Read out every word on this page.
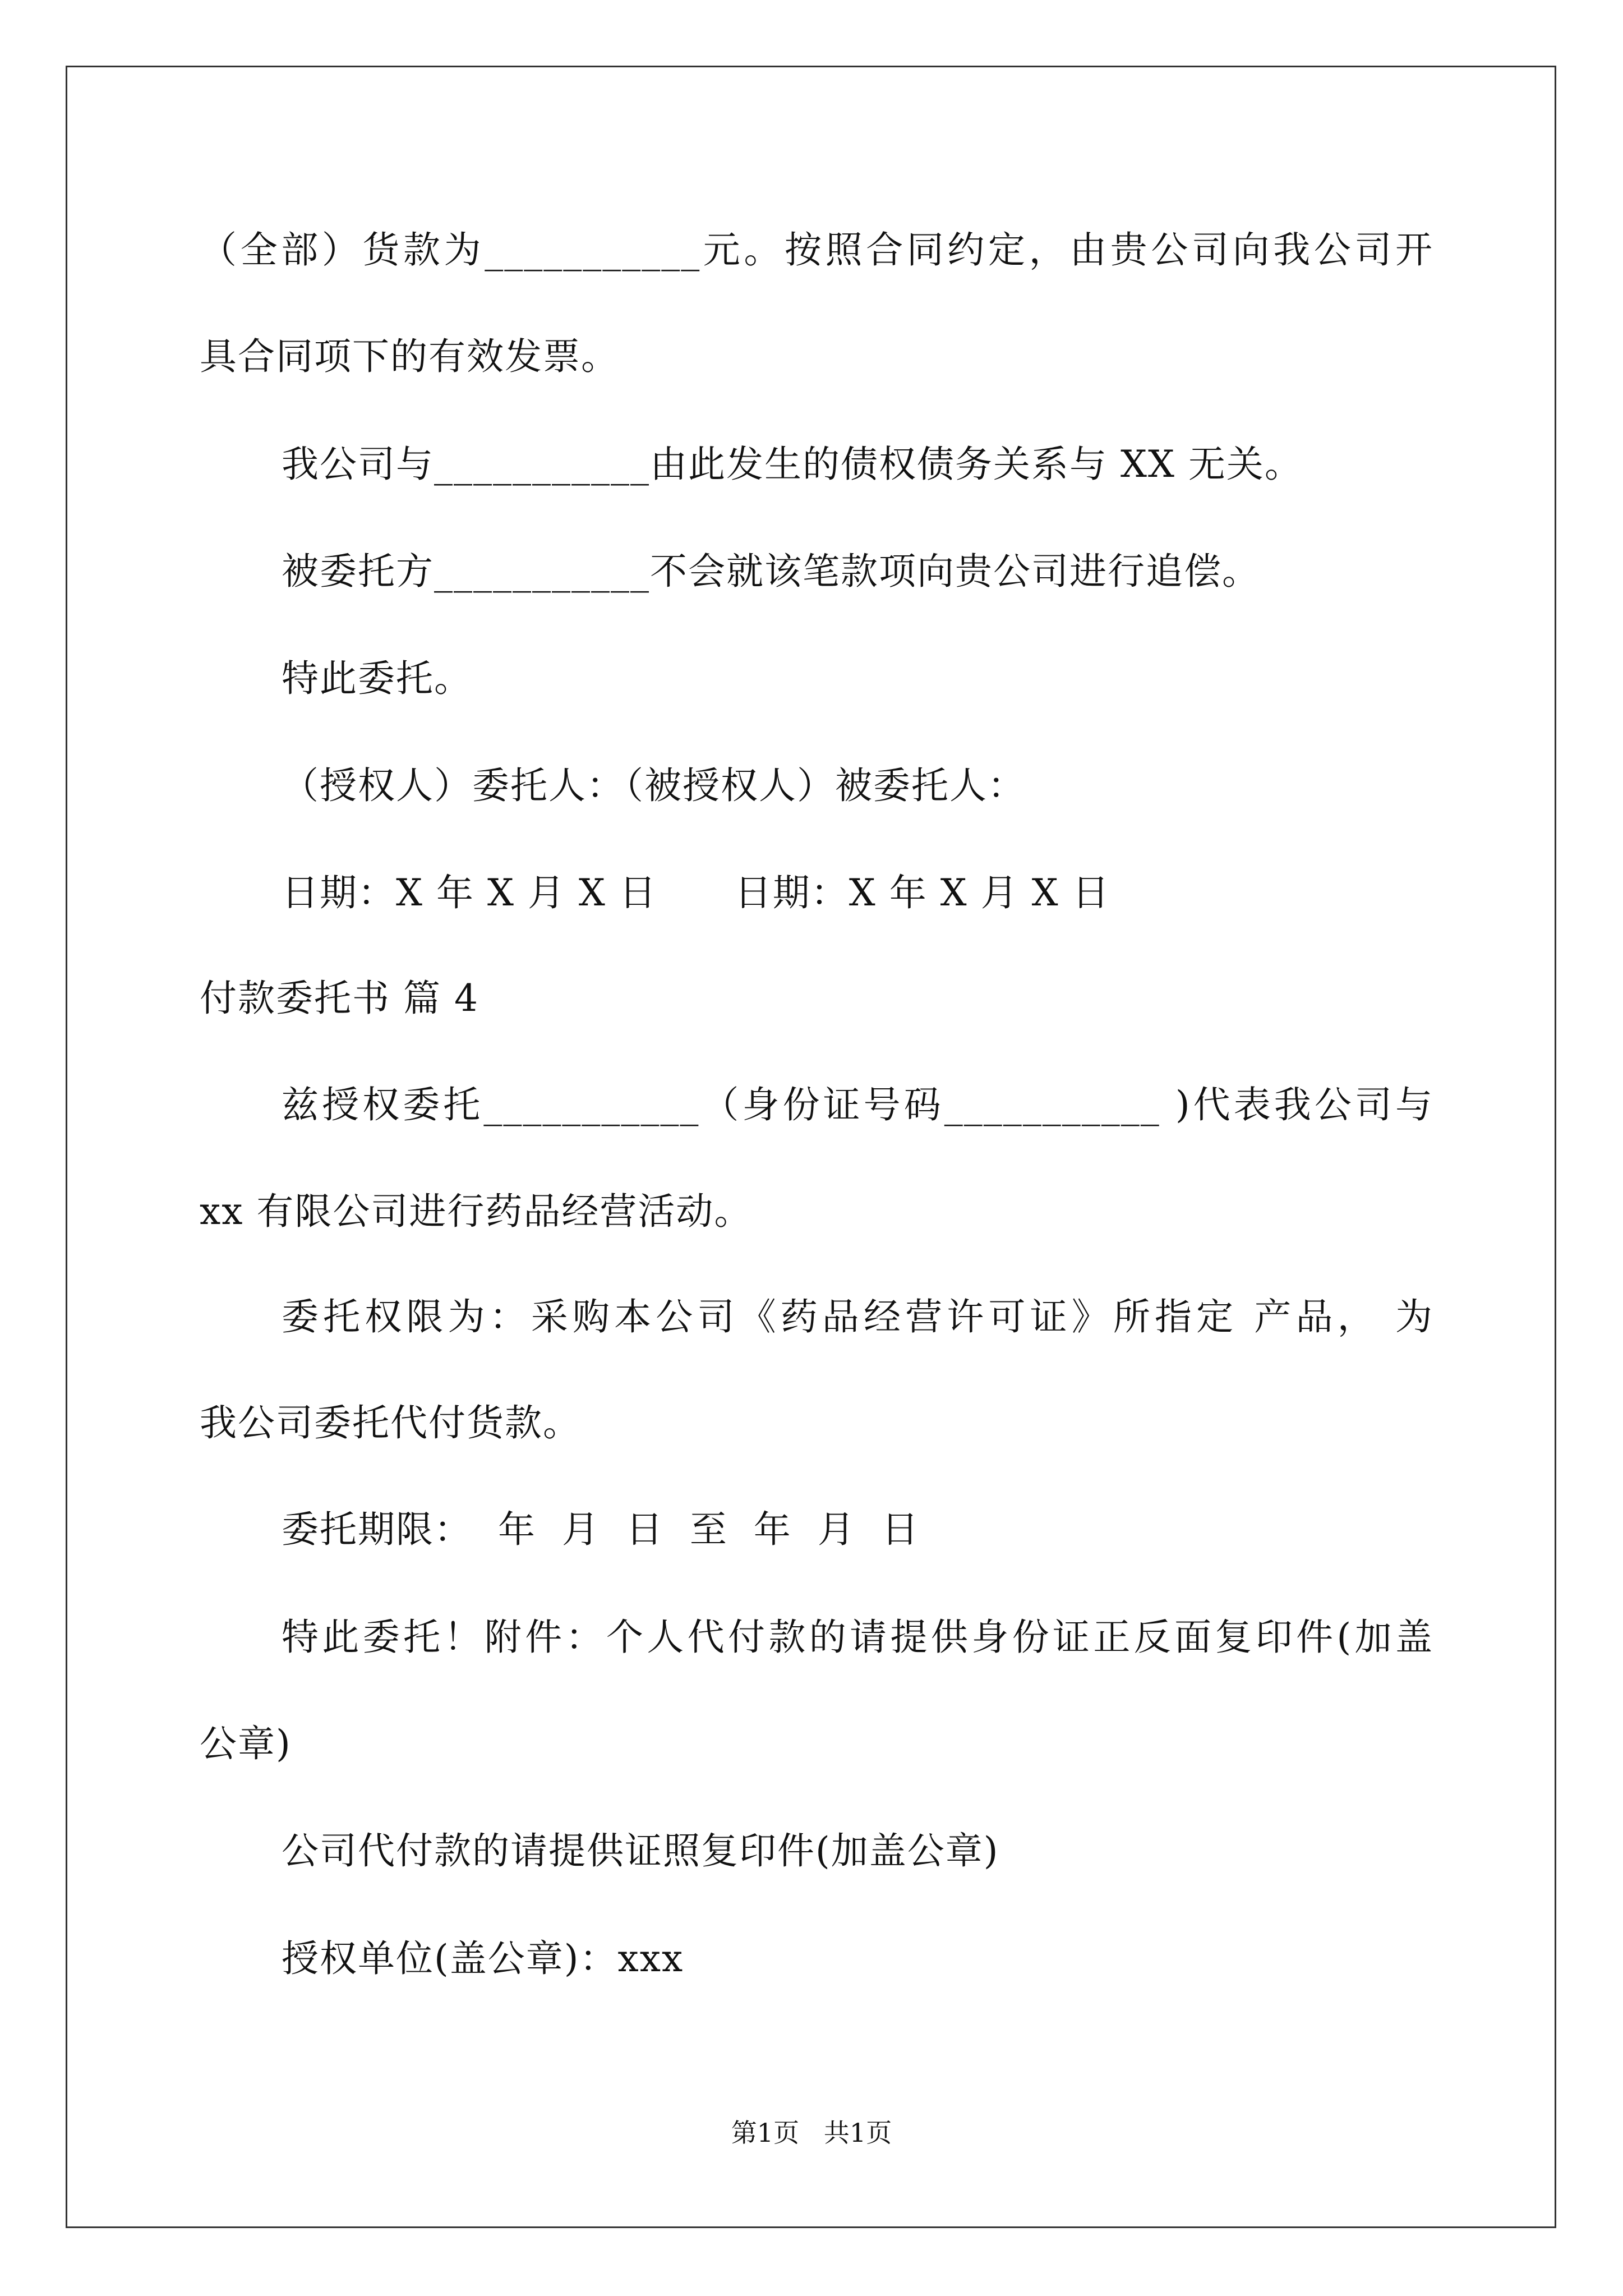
（全部）货款为___________元。按照合同约定，由贵公司向我公司开
具合同项下的有效发票。
我公司与___________由此发生的债权债务关系与 XX 无关。
被委托方___________不会就该笔款项向贵公司进行追偿。
特此委托。
（授权人）委托人：（被授权人）被委托人：
日期：X 年 X 月 X 日      日期：X 年 X 月 X 日
付款委托书 篇 4
兹授权委托___________（身份证号码___________ )代表我公司与
xx 有限公司进行药品经营活动。
委托权限为：采购本公司《药品经营许可证》所指定 产品， 为
我公司委托代付货款。
委托期限：  年  月  日  至  年  月  日
特此委托！附件：个人代付款的请提供身份证正反面复印件(加盖
公章)
公司代付款的请提供证照复印件(加盖公章)
授权单位(盖公章)：xxx
第1页   共1页
